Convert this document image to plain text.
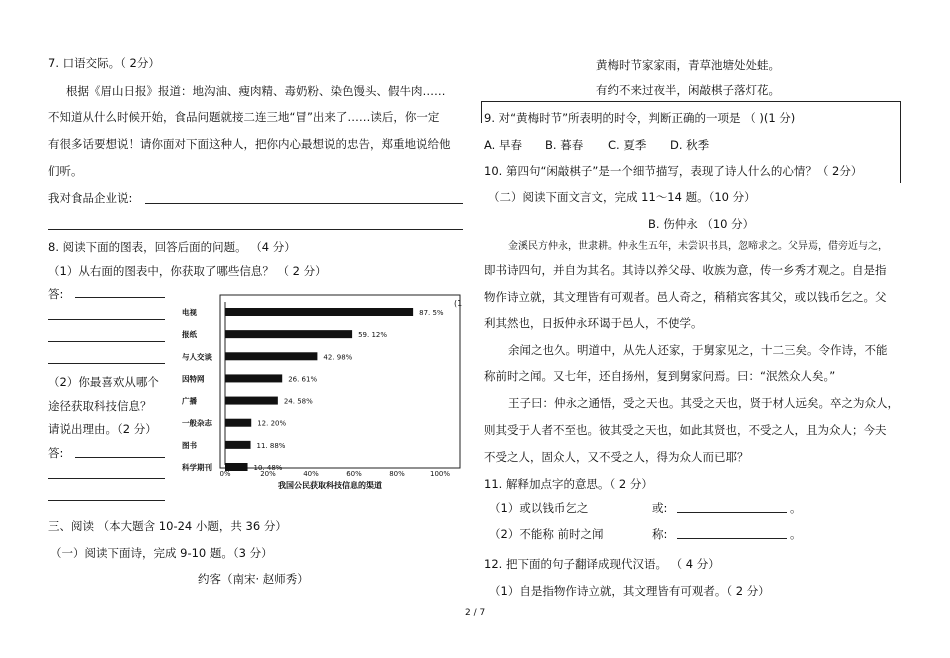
7. 口语交际。（ 2分）
根据《眉山日报》报道：地沟油、瘦肉精、毒奶粉、染色馒头、假牛肉……
不知道从什么时候开始，食品问题就接二连三地“冒”出来了……读后，你一定
有很多话要想说！请你面对下面这种人，把你内心最想说的忠告，郑重地说给他
们听。
我对食品企业说:
8. 阅读下面的图表，回答后面的问题。 （4 分）
（1）从右面的图表中，你获取了哪些信息？ （ 2 分）
答:
（2）你最喜欢从哪个
途径获取科技信息？
请说出理由。（2 分）
答:
电视	87. 5%
报纸	59. 12%
与人交谈	42. 98%
因特网	26. 61%
广播	24. 58%
一般杂志	12. 20%
图书	11. 88%
科学期刊	10. 48%
0%	20%	40%	60%	80%	100%
我国公民获取科技信息的渠道
(1
三、阅读 （本大题含 10-24 小题，共 36 分）
（一）阅读下面诗，完成 9-10 题。（3 分）
约客（南宋· 赵师秀）
黄梅时节家家雨，青草池塘处处蛙。
有约不来过夜半，闲敲棋子落灯花。
9. 对“黄梅时节”所表明的时令，判断正确的一项是 （ )(1 分)
A. 早春 B. 暮春 C. 夏季 D. 秋季
10. 第四句“闲敲棋子”是一个细节描写，表现了诗人什么的心情？（ 2分）
（二）阅读下面文言文，完成 11～14 题。（10 分）
B. 伤仲永 （10 分）
金溪民方仲永，世隶耕。仲永生五年，未尝识书具，忽啼求之。父异焉，借旁近与之，
即书诗四句，并自为其名。其诗以养父母、收族为意，传一乡秀才观之。自是指
物作诗立就，其文理皆有可观者。邑人奇之，稍稍宾客其父，或以钱币乞之。父
利其然也，日扳仲永环谒于邑人，不使学。
余闻之也久。明道中，从先人还家，于舅家见之，十二三矣。令作诗，不能
称前时之闻。又七年，还自扬州，复到舅家问焉。曰：“泯然众人矣。”
王子曰：仲永之通悟，受之天也。其受之天也，贤于材人远矣。卒之为众人，
则其受于人者不至也。彼其受之天也，如此其贤也，不受之人，且为众人；今夫
不受之人，固众人，又不受之人，得为众人而已耶？
11. 解释加点字的意思。（ 2 分）
（1）或以钱币乞之	或:	。
（2）不能称 前时之闻	称:	。
12. 把下面的句子翻译成现代汉语。 （ 4 分）
（1）自是指物作诗立就，其文理皆有可观者。（ 2 分）
2 / 7
